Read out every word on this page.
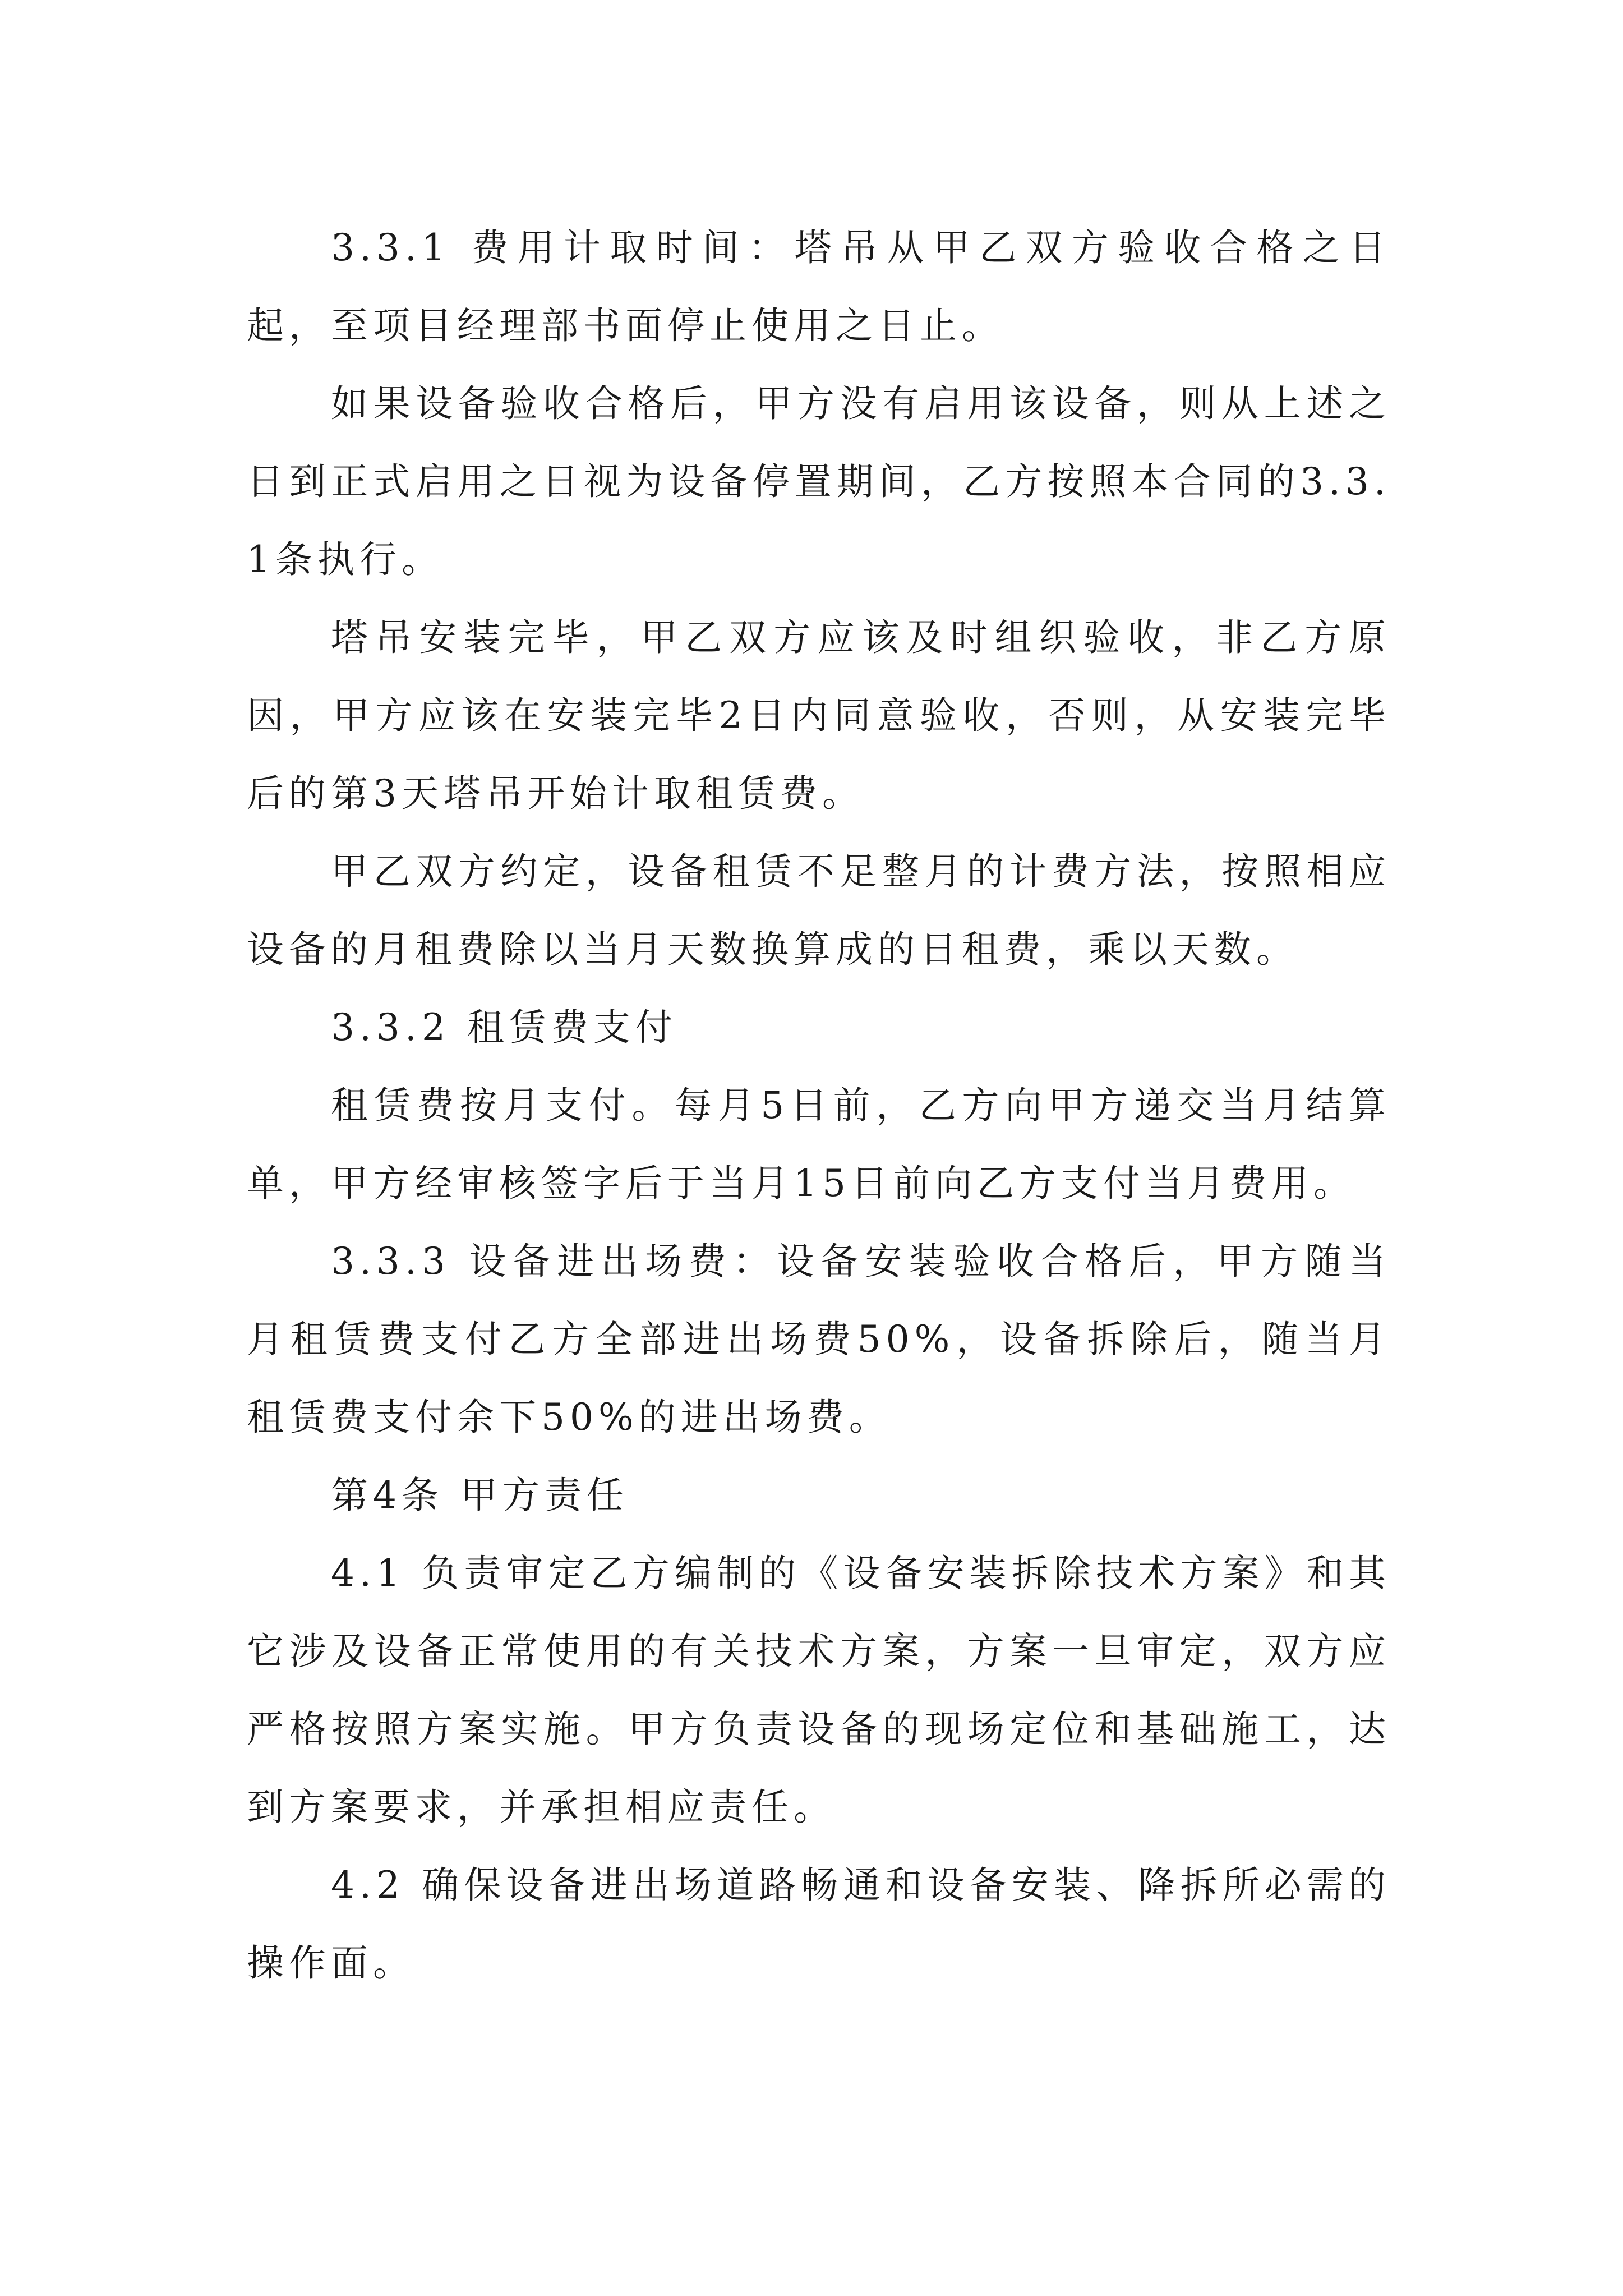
3.3.1 费用计取时间：塔吊从甲乙双方验收合格之日起，至项目经理部书面停止使用之日止。

如果设备验收合格后，甲方没有启用该设备，则从上述之日到正式启用之日视为设备停置期间，乙方按照本合同的3.3.1条执行。

塔吊安装完毕，甲乙双方应该及时组织验收，非乙方原因，甲方应该在安装完毕2日内同意验收，否则，从安装完毕后的第3天塔吊开始计取租赁费。

甲乙双方约定，设备租赁不足整月的计费方法，按照相应设备的月租费除以当月天数换算成的日租费，乘以天数。

3.3.2 租赁费支付

租赁费按月支付。每月5日前，乙方向甲方递交当月结算单，甲方经审核签字后于当月15日前向乙方支付当月费用。

3.3.3 设备进出场费：设备安装验收合格后，甲方随当月租赁费支付乙方全部进出场费50%，设备拆除后，随当月租赁费支付余下50%的进出场费。

第4条 甲方责任

4.1 负责审定乙方编制的《设备安装拆除技术方案》和其它涉及设备正常使用的有关技术方案，方案一旦审定，双方应严格按照方案实施。甲方负责设备的现场定位和基础施工，达到方案要求，并承担相应责任。

4.2 确保设备进出场道路畅通和设备安装、降拆所必需的操作面。
